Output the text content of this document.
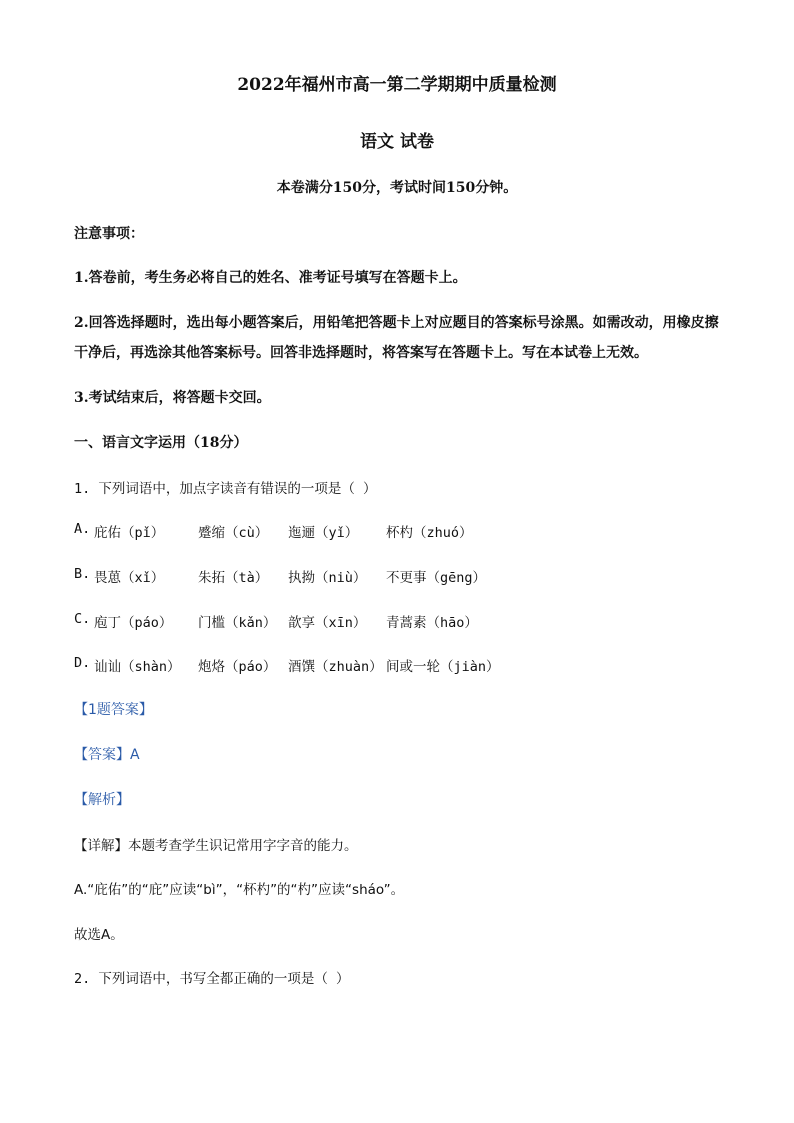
2022年福州市高一第二学期期中质量检测
语文 试卷
本卷满分150分，考试时间150分钟。
注意事项：
1.答卷前，考生务必将自己的姓名、准考证号填写在答题卡上。
2.回答选择题时，选出每小题答案后，用铅笔把答题卡上对应题目的答案标号涂黑。如需改动，用橡皮擦
干净后，再选涂其他答案标号。回答非选择题时，将答案写在答题卡上。写在本试卷上无效。
3.考试结束后，将答题卡交回。
一、语言文字运用（18分）
1. 下列词语中，加点字读音有错误的一项是（ ）
A. 庇佑（pǐ） 蹙缩（cù） 迤逦（yǐ） 杯杓（zhuó）
B. 畏葸（xǐ） 朱拓（tà） 执拗（niù） 不更事（gēng）
C. 庖丁（páo） 门槛（kǎn） 歆享（xīn） 青蒿素（hāo）
D. 讪讪（shàn） 炮烙（páo） 酒馔（zhuàn） 间或一轮（jiàn）
【1题答案】
【答案】A
【解析】
【详解】本题考查学生识记常用字字音的能力。
A.“庇佑”的“庇”应读“bì”，“杯杓”的“杓”应读“sháo”。
故选A。
2. 下列词语中，书写全都正确的一项是（ ）
